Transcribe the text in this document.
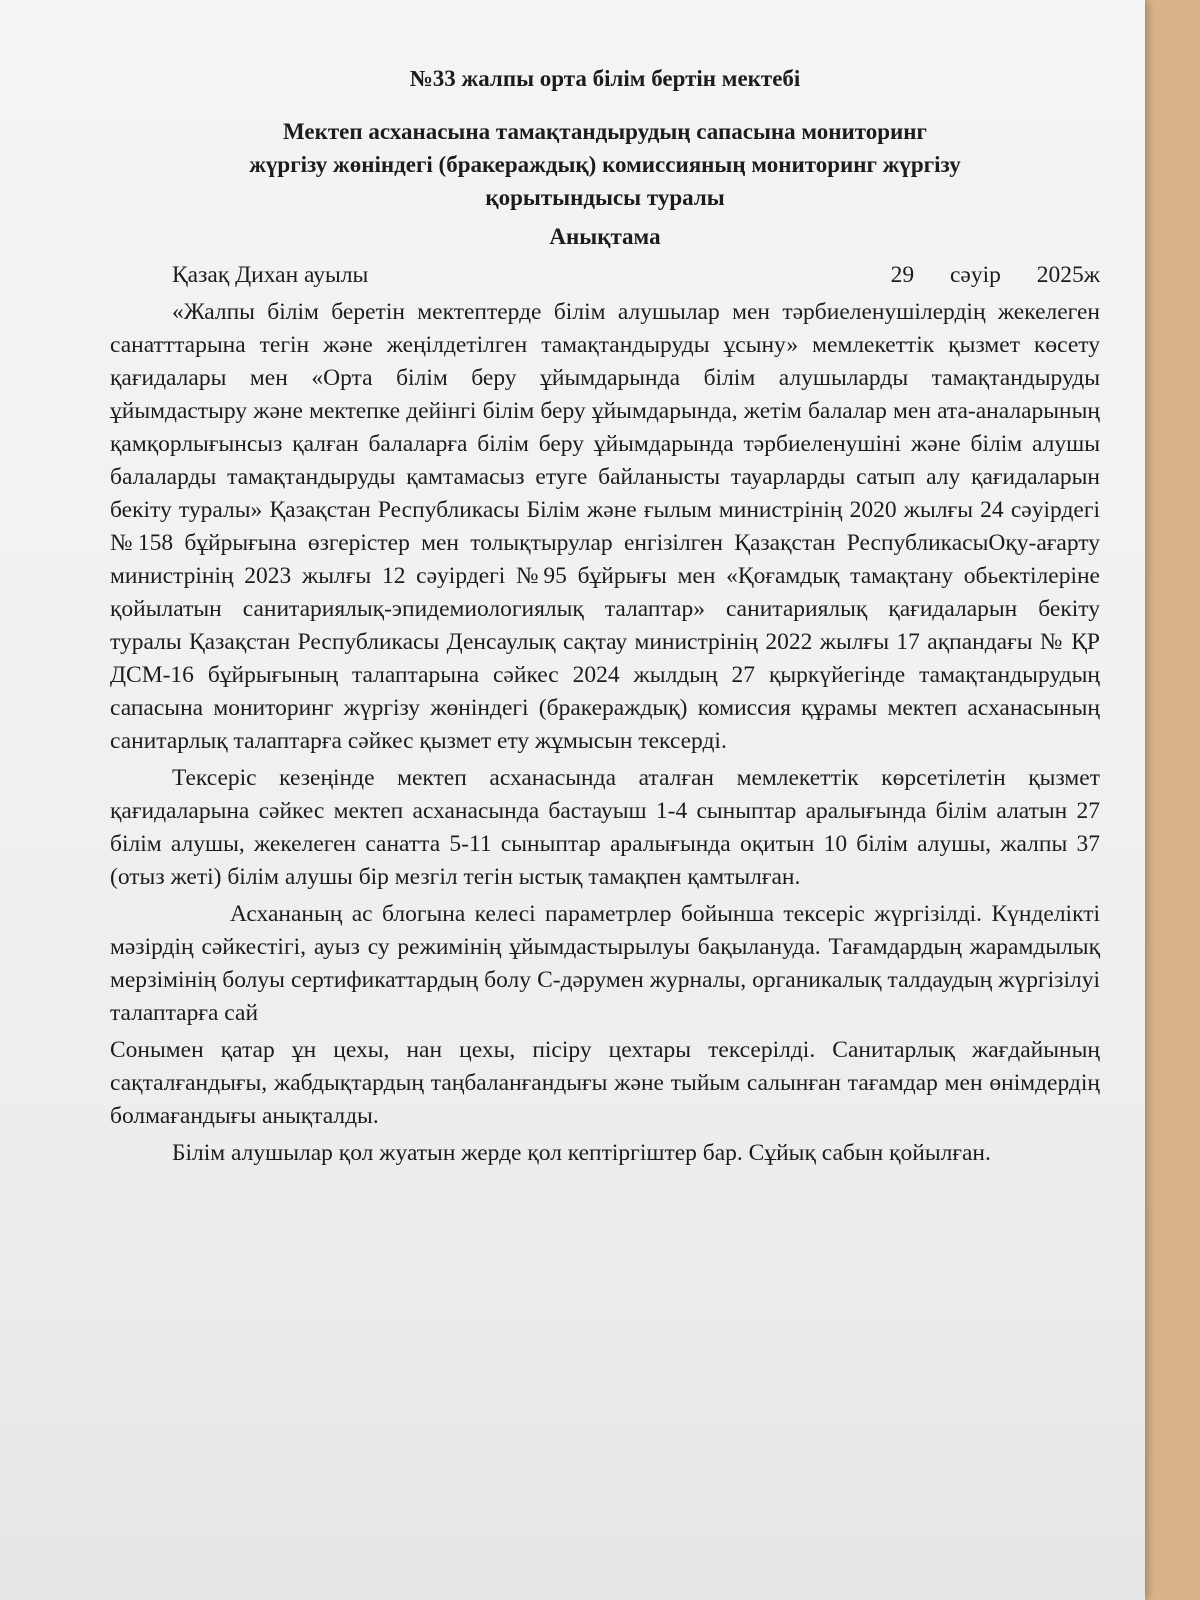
№33 жалпы орта білім бертін мектебі

Мектеп асханасына тамақтандырудың сапасына мониторинг

жүргізу жөніндегі (бракераждық) комиссияның мониторинг жүргізу

қорытындысы туралы

Анықтама

Қазақ Дихан ауылы	29 сәуір 2025ж

«Жалпы білім беретін мектептерде білім алушылар мен тәрбиеленушілердің жекелеген санатттарына тегін және жеңілдетілген тамақтандыруды ұсыну» мемлекеттік қызмет көсету қағидалары мен «Орта білім беру ұйымдарында білім алушыларды тамақтандыруды ұйымдастыру және мектепке дейінгі білім беру ұйымдарында, жетім балалар мен ата-аналарының қамқорлығынсыз қалған балаларға білім беру ұйымдарында тәрбиеленушіні және білім алушы балаларды тамақтандыруды қамтамасыз етуге байланысты тауарларды сатып алу қағидаларын бекіту туралы» Қазақстан Республикасы Білім және ғылым министрінің 2020 жылғы 24 сәуірдегі №158 бұйрығына өзгерістер мен толықтырулар енгізілген Қазақстан РеспубликасыОқу-ағарту министрінің 2023 жылғы 12 сәуірдегі №95 бұйрығы мен «Қоғамдық тамақтану обьектілеріне қойылатын санитариялық-эпидемиологиялық талаптар» санитариялық қағидаларын бекіту туралы Қазақстан Республикасы Денсаулық сақтау министрінің 2022 жылғы 17 ақпандағы № ҚР ДСМ-16 бұйрығының талаптарына сәйкес 2024 жылдың 27 қыркүйегінде тамақтандырудың сапасына мониторинг жүргізу жөніндегі (бракераждық) комиссия құрамы мектеп асханасының санитарлық талаптарға сәйкес қызмет ету жұмысын тексерді.

Тексеріс кезеңінде мектеп асханасында аталған мемлекеттік көрсетілетін қызмет қағидаларына сәйкес мектеп асханасында бастауыш 1-4 сыныптар аралығында білім алатын 27 білім алушы, жекелеген санатта 5-11 сыныптар аралығында оқитын 10 білім алушы, жалпы 37 (отыз жеті) білім алушы бір мезгіл тегін ыстық тамақпен қамтылған.

Асхананың ас блогына келесі параметрлер бойынша тексеріс жүргізілді. Күнделікті мәзірдің сәйкестігі, ауыз су режимінің ұйымдастырылуы бақылануда. Тағамдардың жарамдылық мерзімінің болуы сертификаттардың болу С-дәрумен журналы, органикалық талдаудың жүргізілуі талаптарға сай

Сонымен қатар ұн цехы, нан цехы, пісіру цехтары тексерілді. Санитарлық жағдайының сақталғандығы, жабдықтардың таңбаланғандығы және тыйым салынған тағамдар мен өнімдердің болмағандығы анықталды.

Білім алушылар қол жуатын жерде қол кептіргіштер бар. Сұйық сабын қойылған.
